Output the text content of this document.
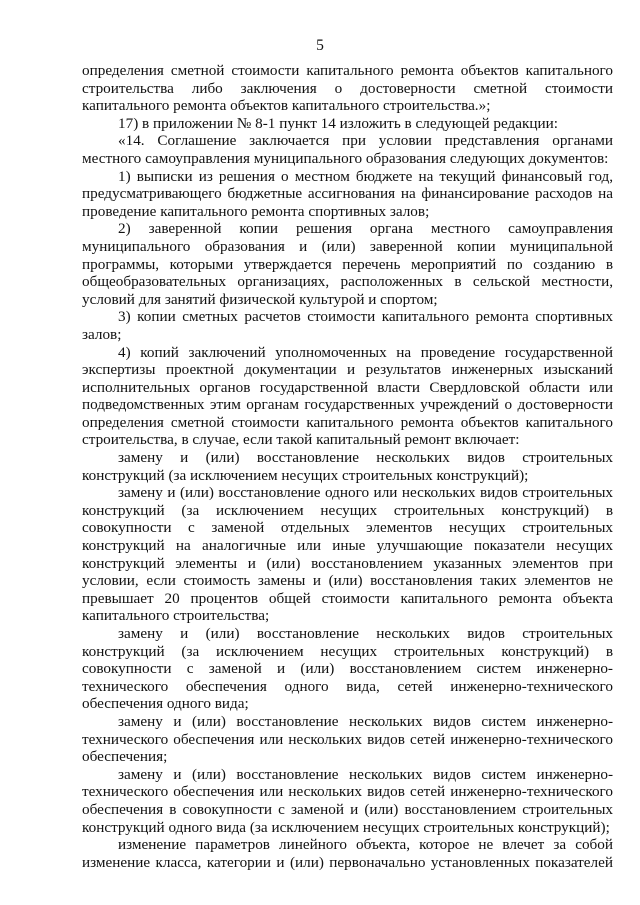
5

определения сметной стоимости капитального ремонта объектов капитального строительства либо заключения о достоверности сметной стоимости капитального ремонта объектов капитального строительства.»;

17) в приложении № 8-1 пункт 14 изложить в следующей редакции:

«14. Соглашение заключается при условии представления органами местного самоуправления муниципального образования следующих документов:

1) выписки из решения о местном бюджете на текущий финансовый год, предусматривающего бюджетные ассигнования на финансирование расходов на проведение капитального ремонта спортивных залов;

2) заверенной копии решения органа местного самоуправления муниципального образования и (или) заверенной копии муниципальной программы, которыми утверждается перечень мероприятий по созданию в общеобразовательных организациях, расположенных в сельской местности, условий для занятий физической культурой и спортом;

3) копии сметных расчетов стоимости капитального ремонта спортивных залов;

4) копий заключений уполномоченных на проведение государственной экспертизы проектной документации и результатов инженерных изысканий исполнительных органов государственной власти Свердловской области или подведомственных этим органам государственных учреждений о достоверности определения сметной стоимости капитального ремонта объектов капитального строительства, в случае, если такой капитальный ремонт включает:

замену и (или) восстановление нескольких видов строительных конструкций (за исключением несущих строительных конструкций);

замену и (или) восстановление одного или нескольких видов строительных конструкций (за исключением несущих строительных конструкций) в совокупности с заменой отдельных элементов несущих строительных конструкций на аналогичные или иные улучшающие показатели несущих конструкций элементы и (или) восстановлением указанных элементов при условии, если стоимость замены и (или) восстановления таких элементов не превышает 20 процентов общей стоимости капитального ремонта объекта капитального строительства;

замену и (или) восстановление нескольких видов строительных конструкций (за исключением несущих строительных конструкций) в совокупности с заменой и (или) восстановлением систем инженерно-технического обеспечения одного вида, сетей инженерно-технического обеспечения одного вида;

замену и (или) восстановление нескольких видов систем инженерно-технического обеспечения или нескольких видов сетей инженерно-технического обеспечения;

замену и (или) восстановление нескольких видов систем инженерно-технического обеспечения или нескольких видов сетей инженерно-технического обеспечения в совокупности с заменой и (или) восстановлением строительных конструкций одного вида (за исключением несущих строительных конструкций);

изменение параметров линейного объекта, которое не влечет за собой изменение класса, категории и (или) первоначально установленных показателей
